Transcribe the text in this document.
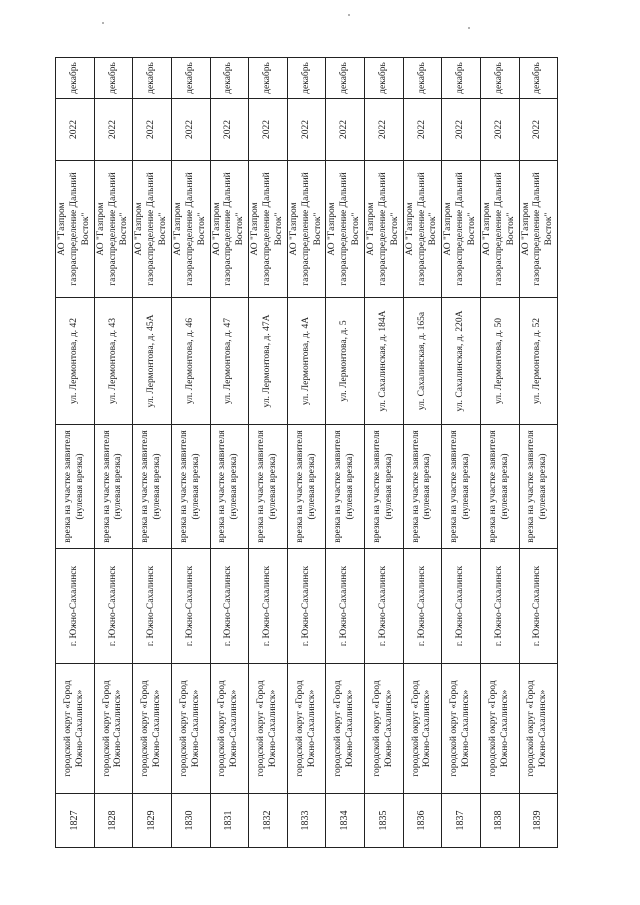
1827	городской округ «Город Южно-Сахалинск»	г. Южно-Сахалинск	врезка на участке заявителя (нулевая врезка)	ул. Лермонтова, д. 42	АО "Газпром газораспределение Дальний Восток"	2022	декабрь
1828	городской округ «Город Южно-Сахалинск»	г. Южно-Сахалинск	врезка на участке заявителя (нулевая врезка)	ул. Лермонтова, д. 43	АО "Газпром газораспределение Дальний Восток"	2022	декабрь
1829	городской округ «Город Южно-Сахалинск»	г. Южно-Сахалинск	врезка на участке заявителя (нулевая врезка)	ул. Лермонтова, д. 45А	АО "Газпром газораспределение Дальний Восток"	2022	декабрь
1830	городской округ «Город Южно-Сахалинск»	г. Южно-Сахалинск	врезка на участке заявителя (нулевая врезка)	ул. Лермонтова, д. 46	АО "Газпром газораспределение Дальний Восток"	2022	декабрь
1831	городской округ «Город Южно-Сахалинск»	г. Южно-Сахалинск	врезка на участке заявителя (нулевая врезка)	ул. Лермонтова, д. 47	АО "Газпром газораспределение Дальний Восток"	2022	декабрь
1832	городской округ «Город Южно-Сахалинск»	г. Южно-Сахалинск	врезка на участке заявителя (нулевая врезка)	ул. Лермонтова, д. 47А	АО "Газпром газораспределение Дальний Восток"	2022	декабрь
1833	городской округ «Город Южно-Сахалинск»	г. Южно-Сахалинск	врезка на участке заявителя (нулевая врезка)	ул. Лермонтова, д. 4А	АО "Газпром газораспределение Дальний Восток"	2022	декабрь
1834	городской округ «Город Южно-Сахалинск»	г. Южно-Сахалинск	врезка на участке заявителя (нулевая врезка)	ул. Лермонтова, д. 5	АО "Газпром газораспределение Дальний Восток"	2022	декабрь
1835	городской округ «Город Южно-Сахалинск»	г. Южно-Сахалинск	врезка на участке заявителя (нулевая врезка)	ул. Сахалинская, д. 184А	АО "Газпром газораспределение Дальний Восток"	2022	декабрь
1836	городской округ «Город Южно-Сахалинск»	г. Южно-Сахалинск	врезка на участке заявителя (нулевая врезка)	ул. Сахалинская, д. 165а	АО "Газпром газораспределение Дальний Восток"	2022	декабрь
1837	городской округ «Город Южно-Сахалинск»	г. Южно-Сахалинск	врезка на участке заявителя (нулевая врезка)	ул. Сахалинская, д. 220А	АО "Газпром газораспределение Дальний Восток"	2022	декабрь
1838	городской округ «Город Южно-Сахалинск»	г. Южно-Сахалинск	врезка на участке заявителя (нулевая врезка)	ул. Лермонтова, д. 50	АО "Газпром газораспределение Дальний Восток"	2022	декабрь
1839	городской округ «Город Южно-Сахалинск»	г. Южно-Сахалинск	врезка на участке заявителя (нулевая врезка)	ул. Лермонтова, д. 52	АО "Газпром газораспределение Дальний Восток"	2022	декабрь
